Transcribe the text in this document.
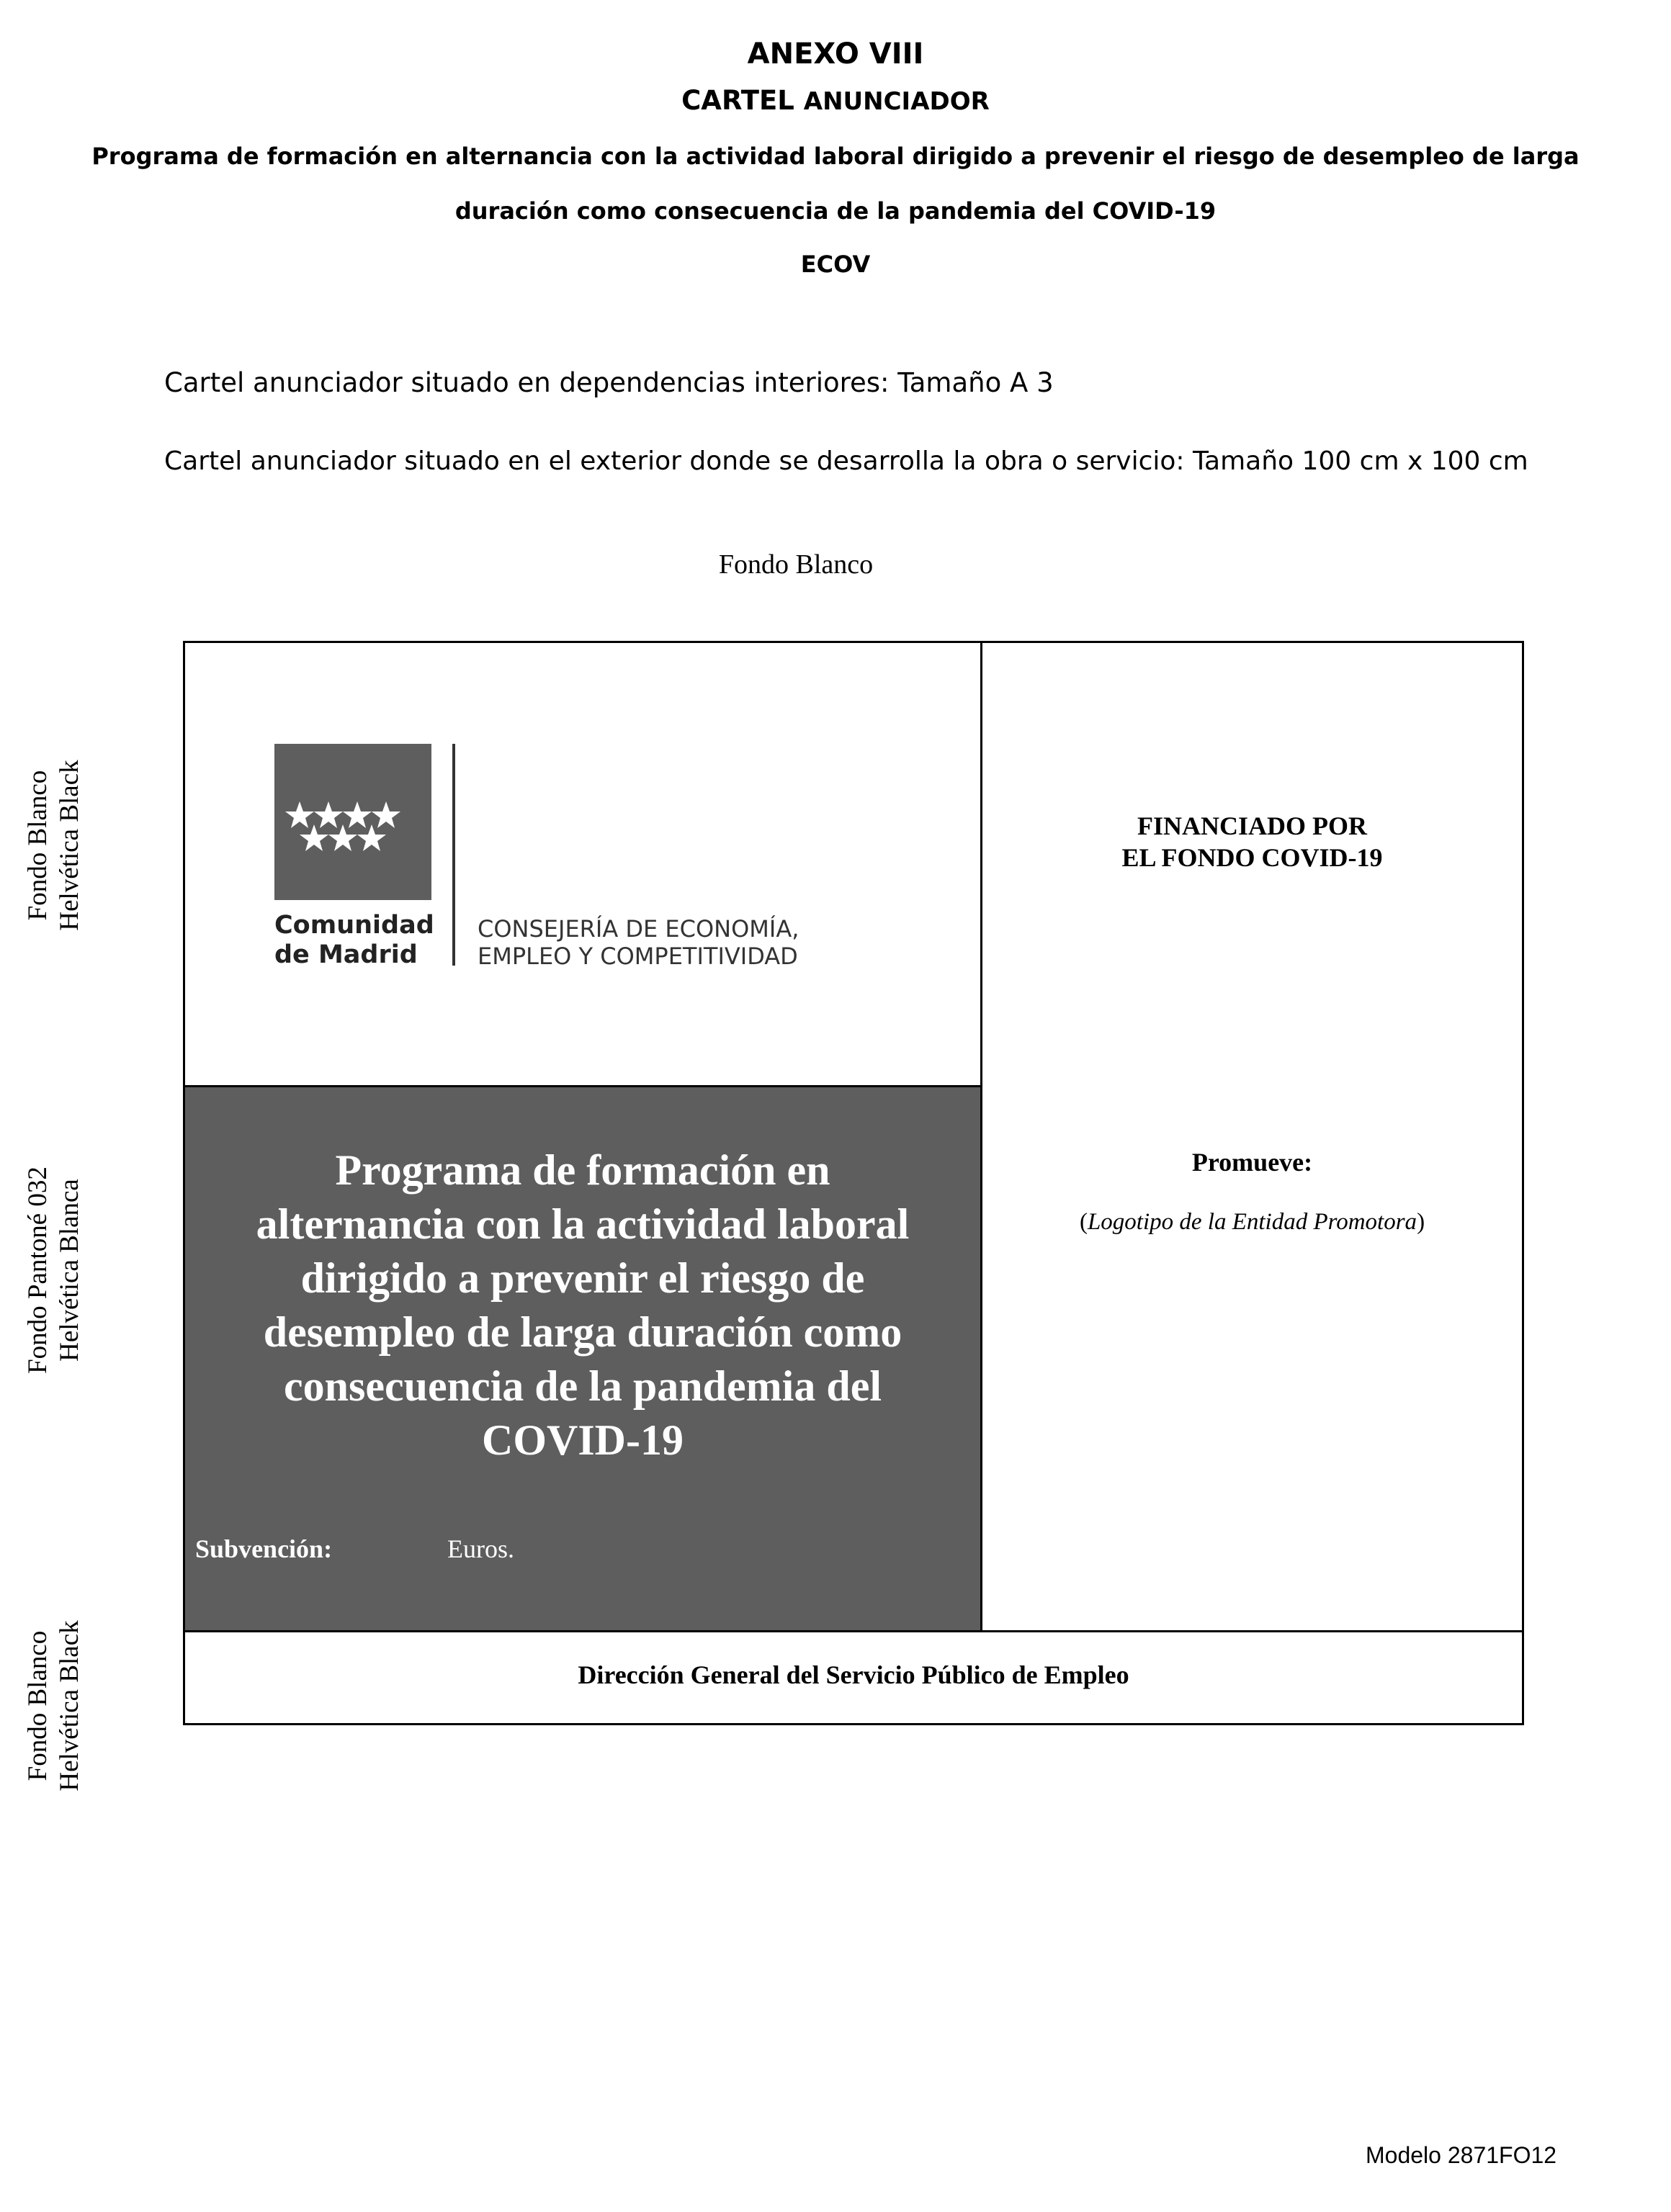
ANEXO VIII
CARTEL ANUNCIADOR
Programa de formación en alternancia con la actividad laboral dirigido a prevenir el riesgo de desempleo de larga
duración como consecuencia de la pandemia del COVID-19
ECOV
Cartel anunciador situado en dependencias interiores: Tamaño A 3
Cartel anunciador situado en el exterior donde se desarrolla la obra o servicio: Tamaño 100 cm x 100 cm
Fondo Blanco
Fondo Blanco Helvética Black
Fondo Pantoné 032 Helvética Blanca
Fondo Blanco Helvética Black
Comunidad
de Madrid
CONSEJERÍA DE ECONOMÍA,
EMPLEO Y COMPETITIVIDAD
FINANCIADO POR
EL FONDO COVID-19
Promueve:
(Logotipo de la Entidad Promotora)
Programa de formación en
alternancia con la actividad laboral
dirigido a prevenir el riesgo de
desempleo de larga duración como
consecuencia de la pandemia del
COVID-19
Subvención:	Euros.
Dirección General del Servicio Público de Empleo
Modelo 2871FO12
